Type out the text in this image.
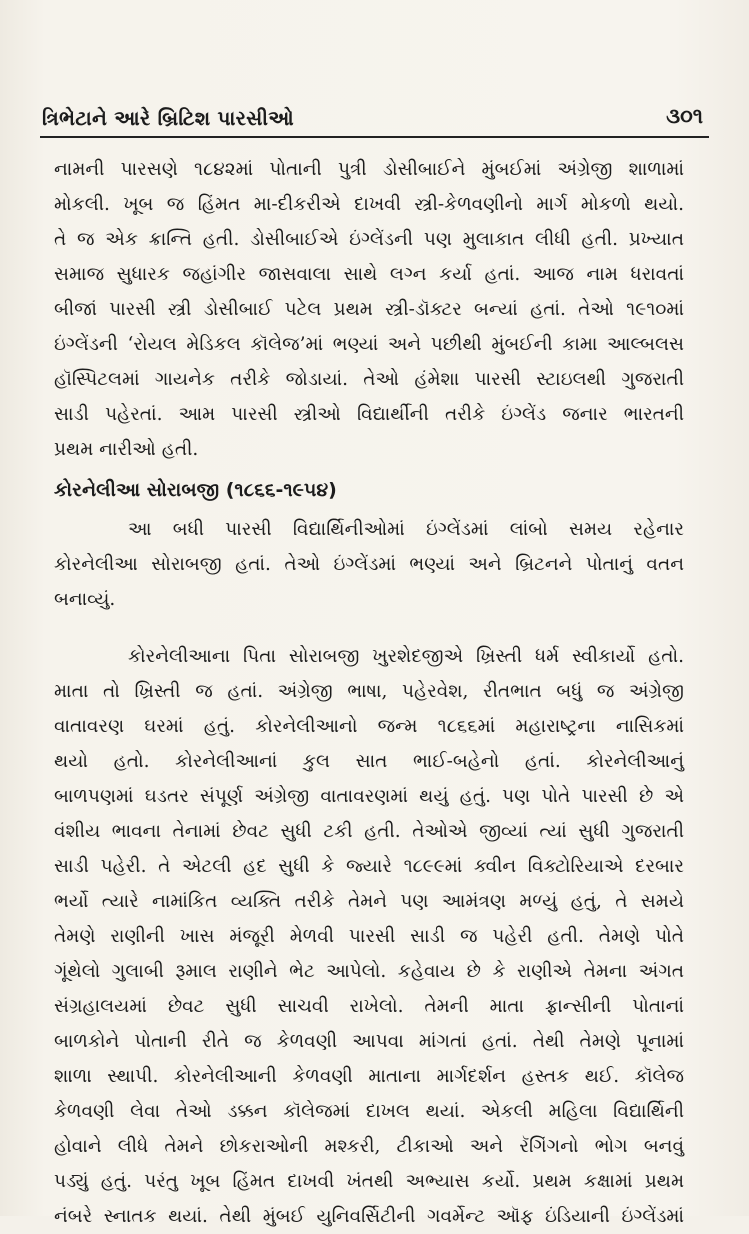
ત્રિભેટાને આરે બ્રિટિશ પારસીઓ	૩૦૧
નામની પારસણે ૧૮૪૨માં પોતાની પુત્રી ડોસીબાઈને મુંબઈમાં અંગ્રેજી શાળામાં
મોકલી. ખૂબ જ હિંમત મા-દીકરીએ દાખવી સ્ત્રી-કેળવણીનો માર્ગ મોકળો થયો.
તે જ એક ક્રાન્તિ હતી. ડોસીબાઈએ ઇંગ્લેંડની પણ મુલાકાત લીધી હતી. પ્રખ્યાત
સમાજ સુધારક જહાંગીર જાસવાલા સાથે લગ્ન કર્યા હતાં. આજ નામ ધરાવતાં
બીજાં પારસી સ્ત્રી ડોસીબાઈ પટેલ પ્રથમ સ્ત્રી-ડૉક્ટર બન્યાં હતાં. તેઓ ૧૯૧૦માં
ઇંગ્લેંડની ‘રોયલ મેડિકલ કૉલેજ’માં ભણ્યાં અને પછીથી મુંબઈની કામા આલ્બલસ
હૉસ્પિટલમાં ગાયનેક તરીકે જોડાયાં. તેઓ હંમેશા પારસી સ્ટાઇલથી ગુજરાતી
સાડી પહેરતાં. આમ પારસી સ્ત્રીઓ વિદ્યાર્થીની તરીકે ઇંગ્લેંડ જનાર ભારતની
પ્રથમ નારીઓ હતી.
કોરનેલીઆ સોરાબજી (૧૮૬૬-૧૯૫૪)
આ બધી પારસી વિદ્યાર્થિનીઓમાં ઇંગ્લેંડમાં લાંબો સમય રહેનાર
કોરનેલીઆ સોરાબજી હતાં. તેઓ ઇંગ્લેંડમાં ભણ્યાં અને બ્રિટનને પોતાનું વતન
બનાવ્યું.
કોરનેલીઆના પિતા સોરાબજી ખુરશેદજીએ ખ્રિસ્તી ધર્મ સ્વીકાર્યો હતો.
માતા તો ખ્રિસ્તી જ હતાં. અંગ્રેજી ભાષા, પહેરવેશ, રીતભાત બધું જ અંગ્રેજી
વાતાવરણ ઘરમાં હતું. કોરનેલીઆનો જન્મ ૧૮૬૬માં મહારાષ્ટ્રના નાસિકમાં
થયો હતો. કોરનેલીઆનાં કુલ સાત ભાઈ-બહેનો હતાં. કોરનેલીઆનું
બાળપણમાં ઘડતર સંપૂર્ણ અંગ્રેજી વાતાવરણમાં થયું હતું. પણ પોતે પારસી છે એ
વંશીય ભાવના તેનામાં છેવટ સુધી ટકી હતી. તેઓએ જીવ્યાં ત્યાં સુધી ગુજરાતી
સાડી પહેરી. તે એટલી હદ સુધી કે જ્યારે ૧૮૯૯માં ક્વીન વિક્ટોરિયાએ દરબાર
ભર્યો ત્યારે નામાંકિત વ્યક્તિ તરીકે તેમને પણ આમંત્રણ મળ્યું હતું, તે સમયે
તેમણે રાણીની ખાસ મંજૂરી મેળવી પારસી સાડી જ પહેરી હતી. તેમણે પોતે
ગૂંથેલો ગુલાબી રૂમાલ રાણીને ભેટ આપેલો. કહેવાય છે કે રાણીએ તેમના અંગત
સંગ્રહાલયમાં છેવટ સુધી સાચવી રાખેલો. તેમની માતા ફ્રાન્સીની પોતાનાં
બાળકોને પોતાની રીતે જ કેળવણી આપવા માંગતાં હતાં. તેથી તેમણે પૂનામાં
શાળા સ્થાપી. કોરનેલીઆની કેળવણી માતાના માર્ગદર્શન હસ્તક થઈ. કૉલેજ
કેળવણી લેવા તેઓ ડક્કન કૉલેજમાં દાખલ થયાં. એકલી મહિલા વિદ્યાર્થિની
હોવાને લીધે તેમને છોકરાઓની મશ્કરી, ટીકાઓ અને રૅગિંગનો ભોગ બનવું
પડ્યું હતું. પરંતુ ખૂબ હિંમત દાખવી ખંતથી અભ્યાસ કર્યો. પ્રથમ કક્ષામાં પ્રથમ
નંબરે સ્નાતક થયાં. તેથી મુંબઈ યુનિવર્સિટીની ગવર્મેન્ટ ઑફ ઇંડિયાની ઇંગ્લેંડમાં
